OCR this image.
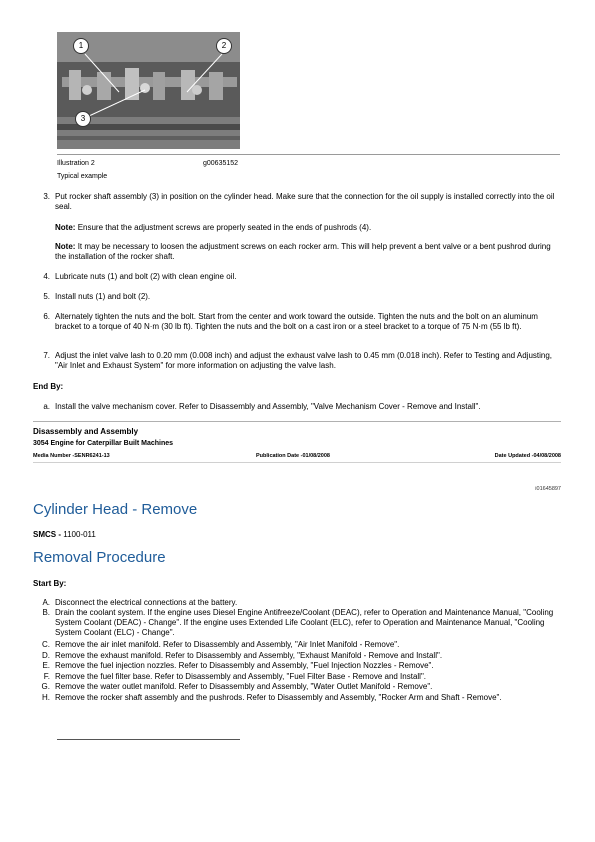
1	2
3
Illustration 2	g00635152
Typical example
3. Put rocker shaft assembly (3) in position on the cylinder head. Make sure that the connection for the oil supply is installed correctly into the oil seal.
Note: Ensure that the adjustment screws are properly seated in the ends of pushrods (4).
Note: It may be necessary to loosen the adjustment screws on each rocker arm. This will help prevent a bent valve or a bent pushrod during the installation of the rocker shaft.
4. Lubricate nuts (1) and bolt (2) with clean engine oil.
5. Install nuts (1) and bolt (2).
6. Alternately tighten the nuts and the bolt. Start from the center and work toward the outside. Tighten the nuts and the bolt on an aluminum bracket to a torque of 40 N·m (30 lb ft). Tighten the nuts and the bolt on a cast iron or a steel bracket to a torque of 75 N·m (55 lb ft).
7. Adjust the inlet valve lash to 0.20 mm (0.008 inch) and adjust the exhaust valve lash to 0.45 mm (0.018 inch). Refer to Testing and Adjusting, "Air Inlet and Exhaust System" for more information on adjusting the valve lash.
End By:
a. Install the valve mechanism cover. Refer to Disassembly and Assembly, "Valve Mechanism Cover - Remove and Install".
Disassembly and Assembly
3054 Engine for Caterpillar Built Machines
Media Number -SENR6241-13	Publication Date -01/08/2008	Date Updated -04/08/2008
i01645897
Cylinder Head - Remove
SMCS - 1100-011
Removal Procedure
Start By:
A. Disconnect the electrical connections at the battery.
B. Drain the coolant system. If the engine uses Diesel Engine Antifreeze/Coolant (DEAC), refer to Operation and Maintenance Manual, "Cooling System Coolant (DEAC) - Change". If the engine uses Extended Life Coolant (ELC), refer to Operation and Maintenance Manual, "Cooling System Coolant (ELC) - Change".
C. Remove the air inlet manifold. Refer to Disassembly and Assembly, "Air Inlet Manifold - Remove".
D. Remove the exhaust manifold. Refer to Disassembly and Assembly, "Exhaust Manifold - Remove and Install".
E. Remove the fuel injection nozzles. Refer to Disassembly and Assembly, "Fuel Injection Nozzles - Remove".
F. Remove the fuel filter base. Refer to Disassembly and Assembly, "Fuel Filter Base - Remove and Install".
G. Remove the water outlet manifold. Refer to Disassembly and Assembly, "Water Outlet Manifold - Remove".
H. Remove the rocker shaft assembly and the pushrods. Refer to Disassembly and Assembly, "Rocker Arm and Shaft - Remove".
